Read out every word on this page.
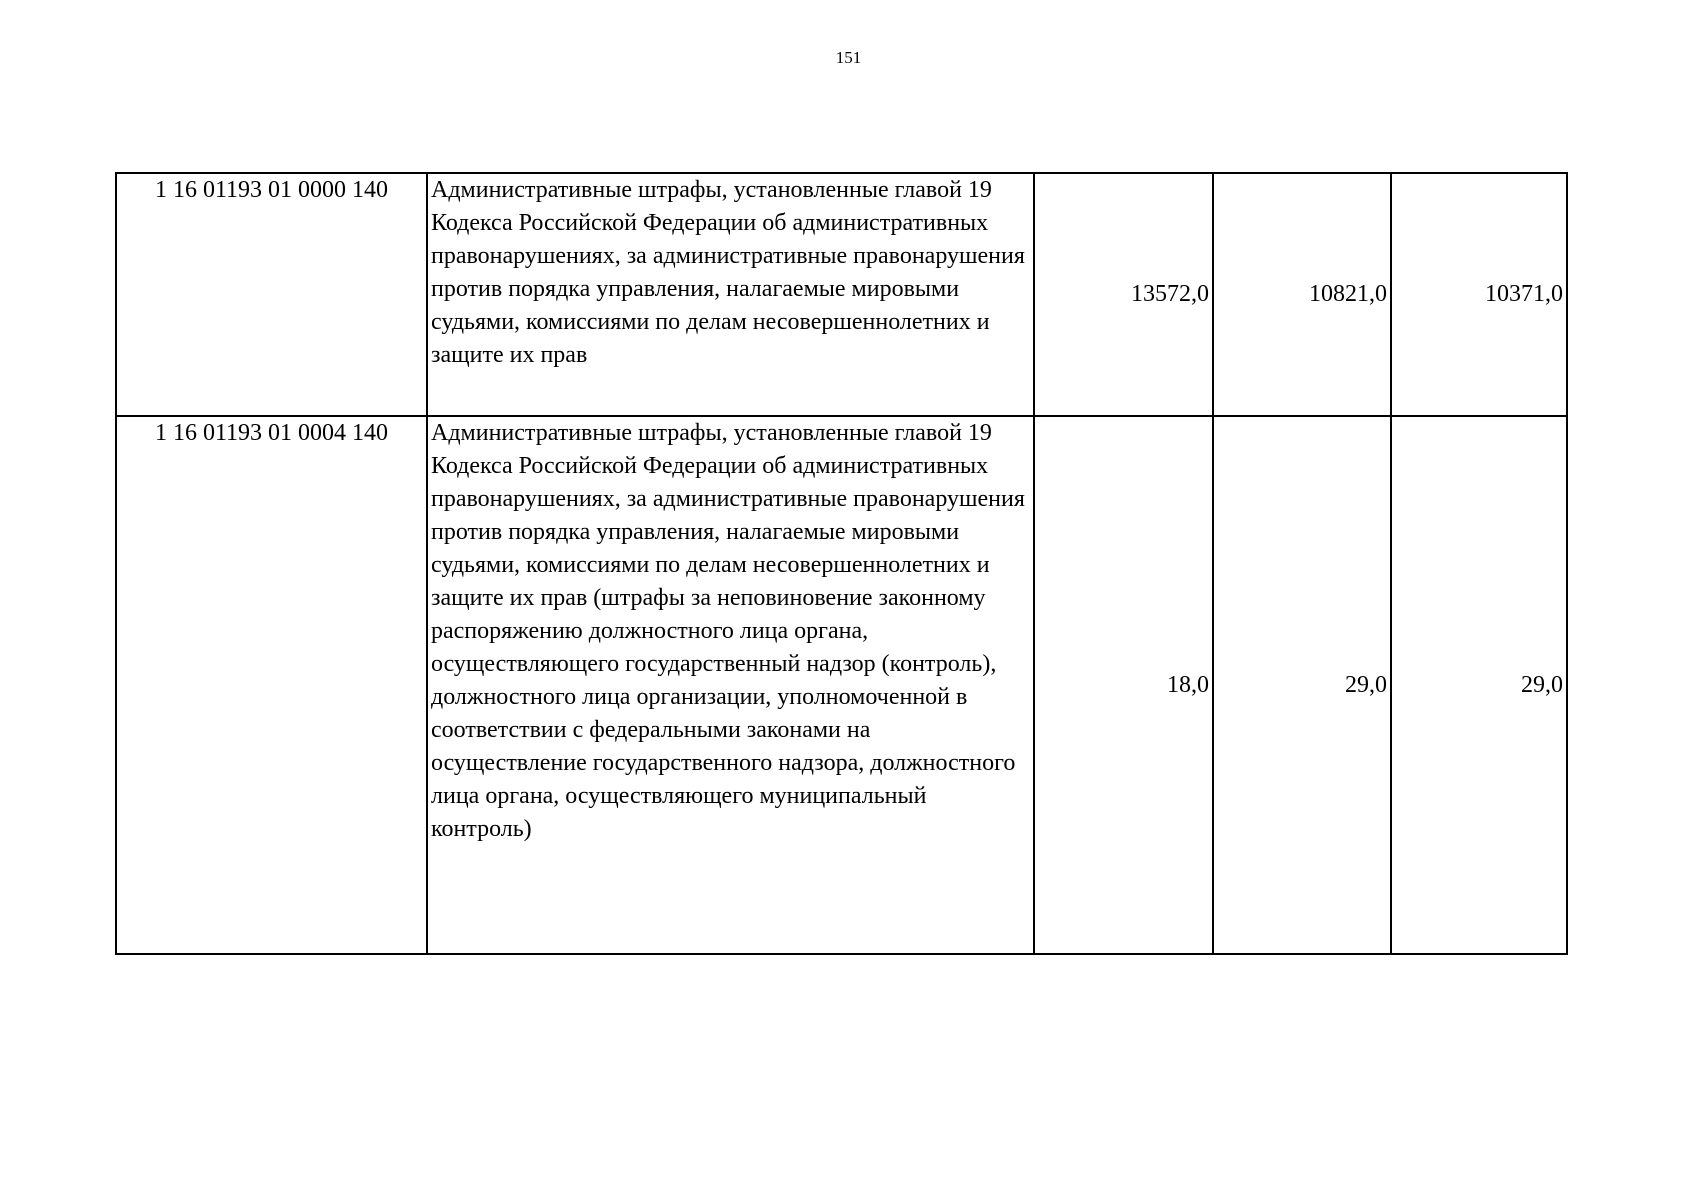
151
1 16 01193 01 0000 140	Административные штрафы, установленные главой 19 Кодекса Российской Федерации об административных правонарушениях, за административные правонарушения против порядка управления, налагаемые мировыми судьями, комиссиями по делам несовершеннолетних и защите их прав	13572,0	10821,0	10371,0
1 16 01193 01 0004 140	Административные штрафы, установленные главой 19 Кодекса Российской Федерации об административных правонарушениях, за административные правонарушения против порядка управления, налагаемые мировыми судьями, комиссиями по делам несовершеннолетних и защите их прав (штрафы за неповиновение законному распоряжению должностного лица органа, осуществляющего государственный надзор (контроль), должностного лица организации, уполномоченной в соответствии с федеральными законами на осуществление государственного надзора, должностного лица органа, осуществляющего муниципальный контроль)	18,0	29,0	29,0
